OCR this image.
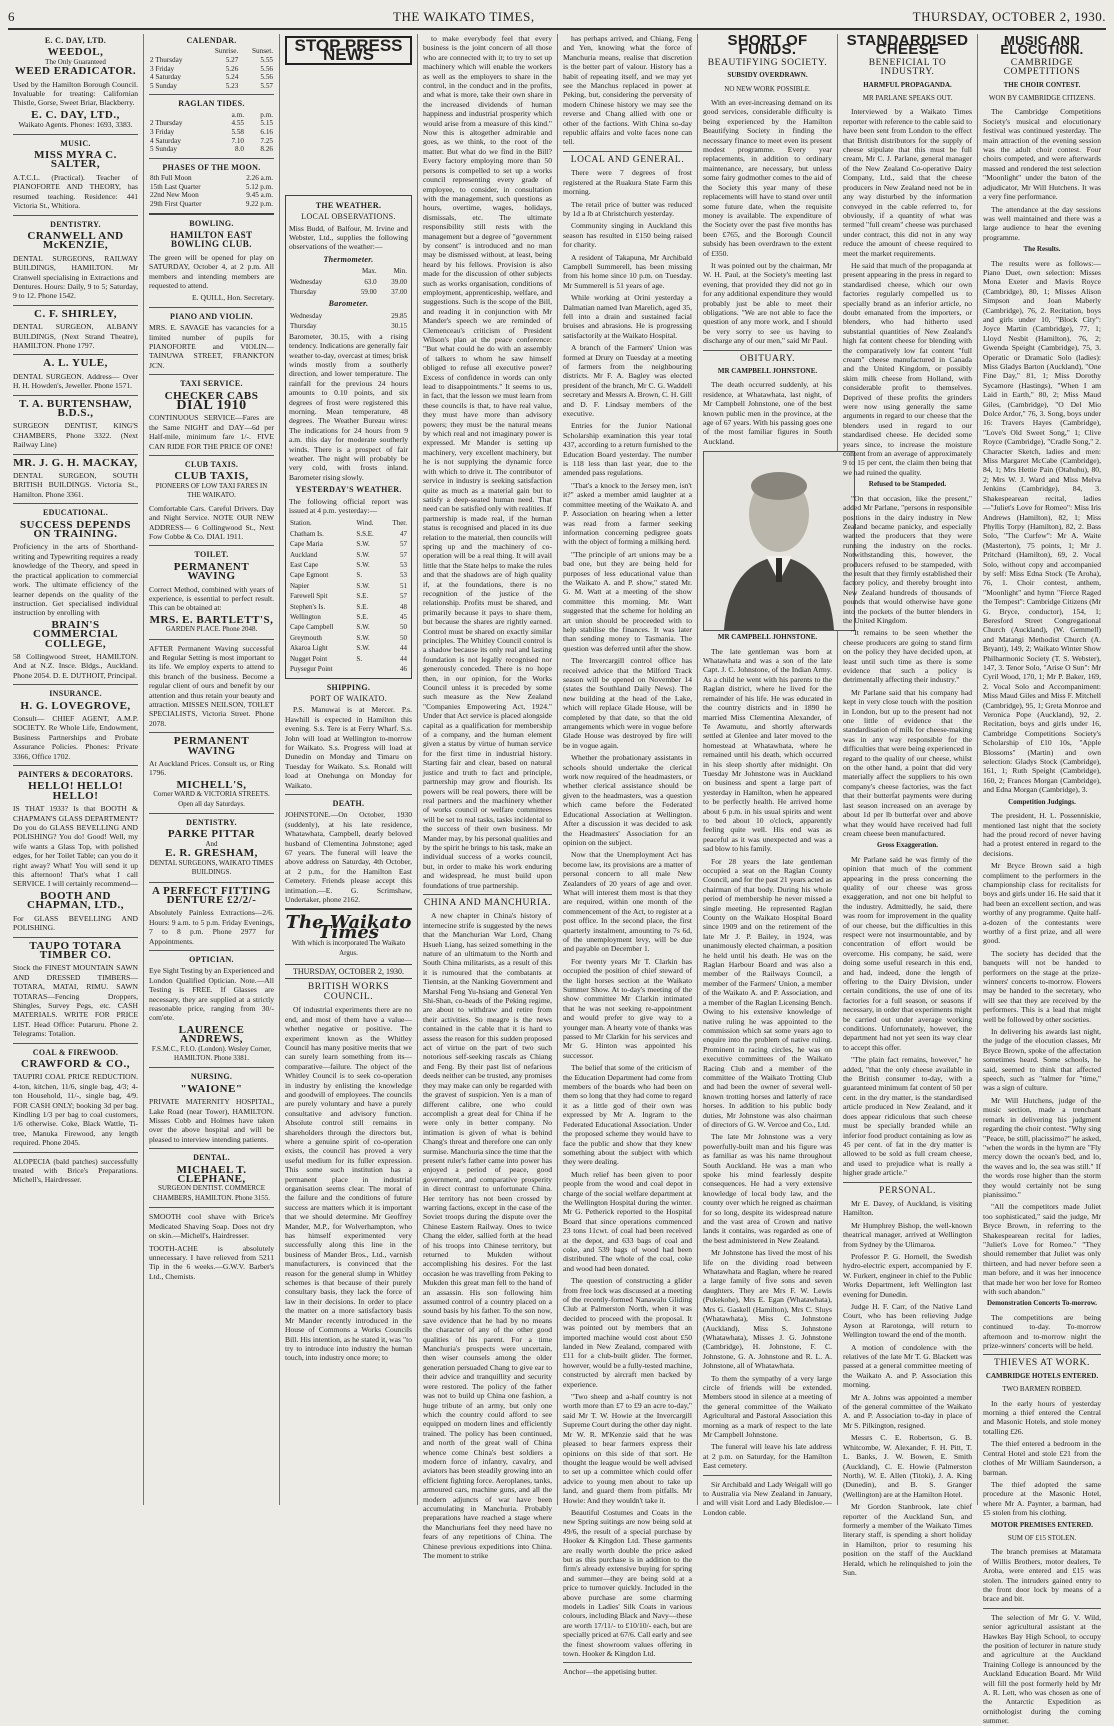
6	THE WAIKATO TIMES,	THURSDAY, OCTOBER 2, 1930.
E. C. DAY, LTD.
WEEDOL,
The Only Guaranteed
WEED ERADICATOR.

Used by the Hamilton Borough Council. Invaluable for treating: Californian Thistle, Gorse, Sweet Briar, Blackberry.

E. C. DAY, LTD.,

Waikato Agents. Phones: 1693, 3383.

MUSIC.
MISS MYRA C. SALTER,

A.T.C.L. (Practical). Teacher of PIANOFORTE AND THEORY, has resumed teaching. Residence: 441 Victoria St., Whitiora.

DENTISTRY.
CRANWELL AND McKENZIE,

DENTAL SURGEONS, RAILWAY BUILDINGS, HAMILTON. Mr Cranwell specialising in Extractions and Dentures. Hours: Daily, 9 to 5; Saturday, 9 to 12. Phone 1542.

C. F. SHIRLEY,

DENTAL SURGEON, ALBANY BUILDINGS, (Next Strand Theatre), HAMILTON. Phone 1797.

A. L. YULE,

DENTAL SURGEON. Address— Over H. H. Howden's, Jeweller. Phone 1571.

T. A. BURTENSHAW, B.D.S.,

SURGEON DENTIST, KING'S CHAMBERS, Phone 3322. (Next Railway Line)

MR. J. G. H. MACKAY,

DENTAL SURGEON, SOUTH BRITISH BUILDINGS. Victoria St., Hamilton. Phone 3361.

EDUCATIONAL.
SUCCESS DEPENDS ON TRAINING.

Proficiency in the arts of Shorthand-writing and Typewriting requires a ready knowledge of the Theory, and speed in the practical application to commercial work. The ultimate efficiency of the learner depends on the quality of the instruction. Get specialised individual instruction by enrolling with

BRAIN'S COMMERCIAL COLLEGE,

58 Collingwood Street, HAMILTON. And at N.Z. Insce. Bldgs., Auckland. Phone 2054. D. E. DUTHOIT, Principal.

INSURANCE.
H. G. LOVEGROVE,

Consult— CHIEF AGENT, A.M.P. SOCIETY. Re Whole Life, Endowment, Business Partnerships and Probate Assurance Policies. Phones: Private 3366, Office 1702.

PAINTERS & DECORATORS.
HELLO! HELLO! HELLO!

IS THAT 1933? Is that BOOTH & CHAPMAN'S GLASS DEPARTMENT? Do you do GLASS BEVELLING AND POLISHING? You do! Good! Well, my wife wants a Glass Top, with polished edges, for her Toilet Table; can you do it right away? What! You will send it up this afternoon! That's what I call SERVICE. I will certainly recommend—

BOOTH AND CHAPMAN, LTD.,

For GLASS BEVELLING AND POLISHING.

TAUPO TOTARA TIMBER CO.

Stock the FINEST MOUNTAIN SAWN AND DRESSED TIMBERS— TOTARA, MATAI, RIMU. SAWN TOTARAS—Fencing Droppers, Shingles, Survey Pegs, etc. CASH MATERIALS. WRITE FOR PRICE LIST. Head Office: Putaruru. Phone 2. Telegrams: Totalion.

COAL & FIREWOOD.
CRAWFORD & CO.,

TAUPIRI COAL PRICE REDUCTION. 4-ton, kitchen, 11/6, single bag, 4/3; 4-ton Household, 11/-, single bag, 4/9. FOR CASH ONLY; booking 3d per bag. Kindling 1/3 per bag to coal customers, 1/6 otherwise. Coke, Black Wattle, Ti-tree, Manuka Firewood, any length required. Phone 2045.

ALOPECIA (bald patches) successfully treated with Brice's Preparations. Michell's, Hairdresser.

CALENDAR.
	Sunrise.	Sunset.
2 Thursday	5.27	5.55
3 Friday	5.26	5.56
4 Saturday	5.24	5.56
5 Sunday	5.23	5.57
RAGLAN TIDES.
	a.m.	p.m.
2 Thursday	4.55	5.15
3 Friday	5.58	6.16
4 Saturday	7.10	7.25
5 Sunday	8.0	8.26
PHASES OF THE MOON.
8th Full Moon	2.26 a.m.
15th Last Quarter	5.12 p.m.
22nd New Moon	9.45 a.m.
29th First Quarter	9.22 p.m.
BOWLING.
HAMILTON EAST BOWLING CLUB.

The green will be opened for play on SATURDAY, October 4, at 2 p.m. All members and intending members are requested to attend.

E. QUILL, Hon. Secretary.

PIANO AND VIOLIN.

MRS. E. SAVAGE has vacancies for a limited number of pupils for PIANOFORTE and VIOLIN—TAINUWA STREET, FRANKTON JCN.

TAXI SERVICE.
CHECKER CABS
DIAL 1910

CONTINUOUS SERVICE—Fares are the Same NIGHT and DAY—6d per Half-mile, minimum fare 1/-. FIVE CAN RIDE FOR THE PRICE OF ONE!

CLUB TAXIS.
CLUB TAXIS,
PIONEERS OF LOW TAXI FARES IN THE WAIKATO.

Comfortable Cars. Careful Drivers. Day and Night Service. NOTE OUR NEW ADDRESS— 6 Collingwood St., Next Fow Cobbe & Co. DIAL 1911.

TOILET.
PERMANENT WAVING

Correct Method, combined with years of experience, is essential to perfect result. This can be obtained at:

MRS. E. BARTLETT'S,
GARDEN PLACE. Phone 2048.

AFTER Permanent Waving successful and Regular Setting is most important to its life. We employ experts to attend to this branch of the business. Become a regular client of ours and benefit by our attention and thus retain your beauty and attraction. MISSES NEILSON, TOILET SPECIALISTS, Victoria Street. Phone 2078.

PERMANENT WAVING

At Auckland Prices. Consult us, or Ring 1796.

MICHELL'S,
Corner WARD & VICTORIA STREETS. Open all day Saturdays.
DENTISTRY.
PARKE PITTAR
And
E. R. GRESHAM,
DENTAL SURGEONS, WAIKATO TIMES BUILDINGS.
A PERFECT FITTING DENTURE £2/2/-

Absolutely Painless Extractions—2/6. Hours: 9 a.m. to 5 p.m. Friday Evenings, 7 to 8 p.m. Phone 2977 for Appointments.

OPTICIAN.

Eye Sight Testing by an Experienced and London Qualified Optician. Note.—All Testing is FREE. If Glasses are necessary, they are supplied at a strictly reasonable price, ranging from 30/- com'ete.

LAURENCE ANDREWS,
F.S.M.C., F.I.O. (London). Wesley Corner, HAMILTON. Phone 3381.
NURSING.
"WAIONE"

PRIVATE MATERNITY HOSPITAL, Lake Road (near Tower), HAMILTON. Misses Cobb and Holmes have taken over the above hospital and will be pleased to interview intending patients.

DENTAL.
MICHAEL T. CLEPHANE,
SURGEON DENTIST. COMMERCE CHAMBERS, HAMILTON. Phone 3155.

SMOOTH cool shave with Brice's Medicated Shaving Soap. Does not dry on skin.—Michell's, Hairdresser.

TOOTH-ACHE is absolutely unnecessary. I have relieved from 5211 Tip in the 6 weeks.—G.W.V. Barber's Ltd., Chemists.

STOP PRESS NEWS
THE WEATHER.
LOCAL OBSERVATIONS.

Miss Budd, of Balfour, M. Irvine and Webster, Ltd., supplies the following observations of the weather:—

Thermometer.
	Max.	Min.
Wednesday	63.0	39.00
Thursday	59.00	37.00
Barometer.
Wednesday	29.85
Thursday	30.15

Barometer, 30.15, with a rising tendency. Indications are generally fair weather to-day, overcast at times; brisk winds mostly from a southerly direction, and lower temperature. The rainfall for the previous 24 hours amounts to 0.10 points, and six degrees of frost were registered this morning. Mean temperature, 48 degrees. The Weather Bureau wires: The indications for 24 hours from 9 a.m. this day for moderate southerly winds. There is a prospect of fair weather. The night will probably be very cold, with frosts inland. Barometer rising slowly.

YESTERDAY'S WEATHER.

The following official report was issued at 4 p.m. yesterday:—

Station.	Wind.	Ther.
Chatham Is.	S.S.E.	47
Cape Maria	S.W.	57
Auckland	S.W.	57
East Cape	S.W.	53
Cape Egmont	S.	53
Napier	S.W.	51
Farewell Spit	S.E.	57
Stephen's Is.	S.E.	48
Wellington	S.E.	45
Cape Campbell	S.W.	50
Greymouth	S.W.	50
Akaroa Light	S.W.	44
Nugget Point	S.	44
Puysegur Point		46
SHIPPING.
PORT OF WAIKATO.

P.S. Manuwai is at Mercer. P.s. Hawhill is expected in Hamilton this evening. S.s. Tere is at Ferry Wharf. S.s. John will load at Wellington to-morrow for Waikato. S.s. Progress will load at Dunedin on Monday and Timaru on Tuesday for Waikato. S.s. Ronald will load at Onehunga on Monday for Waikato.

DEATH.

JOHNSTONE.—On October, 1930 (suddenly), at his late residence, Whatawhata, Campbell, dearly beloved husband of Clementina Johnstone; aged 67 years. The funeral will leave the above address on Saturday, 4th October, at 2 p.m., for the Hamilton East Cemetery. Friends please accept this intimation.—E. G. Scrimshaw, Undertaker, phone 2162.

The Waikato Times
With which is incorporated The Waikato Argus.
THURSDAY, OCTOBER 2, 1930.
BRITISH WORKS COUNCIL.

Of industrial experiments there are no end, and most of them have a value—whether negative or positive. The experiment known as the Whitley Council has many positive merits that we can surely learn something from its—comparative—failure. The object of the Whitley Council is to seek co-operation in industry by enlisting the knowledge and goodwill of employees. The councils are purely voluntary and have a purely consultative and advisory function. Absolute control still remains in shareholders through the directors but, where a genuine spirit of co-operation exists, the council has proved a very useful medium for its fuller expression. This some such institution has a permanent place in industrial organisation seems clear. The moral of the failure and the conditions of future success are matters which it is important that we should determine. Mr Geoffrey Mander, M.P., for Wolverhampton, who has himself experimented very successfully along this line in the business of Mander Bros., Ltd., varnish manufacturers, is convinced that the reason for the general slump in Whitley schemes is that because of their purely consultary basis, they lack the force of law in their decisions. In order to place the matter on a more satisfactory basis Mr Mander recently introduced in the House of Commons a Works Councils Bill. His intention, as he stated it, was "to try to introduce into industry the human touch, into industry once more; to

to make everybody feel that every business is the joint concern of all those who are connected with it; to try to set up machinery which will enable the workers as well as the employers to share in the control, in the conduct and in the profits, and what is more, take their own share in the increased dividends of human happiness and industrial prosperity which would arise from a measure of this kind." Now this is altogether admirable and goes, as we think, to the root of the matter. But what do we find in the Bill? Every factory employing more than 50 persons is compelled to set up a works council representing every grade of employee, to consider, in consultation with the management, such questions as hours, overtime, wages, holidays, dismissals, etc. The ultimate responsibility still rests with the management but a degree of "government by consent" is introduced and no man may be dismissed without, at least, being heard by his fellows. Provision is also made for the discussion of other subjects such as works organisation, conditions of employment, apprenticeship, welfare, and suggestions. Such is the scope of the Bill, and reading it in conjunction with Mr Mander's speech we are reminded of Clemenceau's criticism of President Wilson's plan at the peace conference: "But what could he do with an assembly of talkers to whom he saw himself obliged to refuse all executive power? Excess of confidence in words can only lead to disappointments." It seems to us, in fact, that the lesson we must learn from these councils is that, to have real value, they must have more than advisory powers; they must be the natural means by which real and not imaginary power is expressed. Mr Mander is setting up machinery, very excellent machinery, but he is not supplying the dynamic force with which to drive it. The contributor of service in industry is seeking satisfaction quite as much as a material gain but to satisfy a deep-seated human need. That need can be satisfied only with realities. If partnership is made real, if the human status is recognised and placed in its due relation to the material, then councils will spring up and the machinery of co-operation will be a real thing. It will avail little that the State helps to make the rules and that the shadows are of high quality if, at the foundations, there is no recognition of the justice of the relationship. Profits must be shared, and primarily because it pays to share them, but because the shares are rightly earned. Control must be shared on exactly similar principles. The Whitley Council control is a shadow because its only real and lasting foundation is not legally recognised nor generously conceded. There is no hope then, in our opinion, for the Works Council unless it is preceded by some such measure as the New Zealand "Companies Empowering Act, 1924." Under that Act service is placed alongside capital as a qualification for membership of a company, and the human element given a status by virtue of human service for the first time in industrial history. Starting fair and clear, based on natural justice and truth to fact and principle, partnership may grow and flourish. Its powers will be real powers, there will be real partners and the machinery whether of works council or welfare committees will be set to real tasks, tasks incidental to the success of their own business. Mr Mander may, by his personal qualities and by the spirit he brings to his task, make an individual success of a works council, but, in order to make his work enduring and widespread, he must build upon foundations of true partnership.

CHINA AND MANCHURIA.

A new chapter in China's history of internecine strife is suggested by the news that the Manchurian War Lord, Chang Hsueh Liang, has seized something in the nature of an ultimatum to the North and South China militarists, as a result of this it is rumoured that the combatants at Tientsin, at the Nanking Government and Marshal Feng Yu-hsiang and General Yen Shi-Shan, co-heads of the Peking regime, are about to withdraw and retire from their activities. So meagre is the news contained in the cable that it is hard to assess the reason for this sudden proposed act of virtue on the part of two such notorious self-seeking rascals as Chiang and Feng. By their past list of nefarious deeds neither can be trusted, any promises they may make can only be regarded with the gravest of suspicion. Yen is a man of different calibre, one who could accomplish a great deal for China if he were only in better company. No intimation is given of what is behind Chang's threat and therefore one can only surmise. Manchuria since the time that the present ruler's father came into power has enjoyed a period of peace, good government, and comparative prosperity in direct contrast to unfortunate China. Her territory has not been crossed by warring factions, except in the case of the Soviet troops during the dispute over the Chinese Eastern Railway. Ones to twice Chang the elder, sallied forth at the head of his troops into Chinese territory, but returned to Mukden without accomplishing his desires. For the last occasion he was travelling from Peking to Mukden this great man fell to the hand of an assassin. His son following him assumed control of a country placed on a sound basis by his father. To the son now, save evidence that he had by no means the character of any of the other good qualities of his parent. For a time Manchuria's prospects were uncertain, then wiser counsels among the older generation persuaded Chang to give ear to their advice and tranquillity and security were restored. The policy of the father was not to build up China one fashion, a huge tribute of an army, but only one which the country could afford to see equipped on modern lines and efficiently trained. The policy has been continued, and north of the great wall of China whence come China's best soldiers a modern force of infantry, cavalry, and aviators has been steadily growing into an efficient fighting force. Aeroplanes, tanks, armoured cars, machine guns, and all the modern adjuncts of war have been accumulating in Manchuria. Probably preparations have reached a stage where the Manchurians feel they need have no fears of any repetitions of China. The Chinese previous expeditions into China. The moment to strike

has perhaps arrived, and Chiang, Feng and Yen, knowing what the force of Manchuria means, realise that discretion is the better part of valour. History has a habit of repeating itself, and we may yet see the Manchus replaced in power at Peking, but, considering the perversity of modern Chinese history we may see the reverse and Chang allied with one or other of the factions. With China so-day republic affairs and volte faces none can tell.

LOCAL AND GENERAL.

There were 7 degrees of frost registered at the Ruakura State Farm this morning.

The retail price of butter was reduced by 1d a lb at Christchurch yesterday.

Community singing in Auckland this season has resulted in £150 being raised for charity.

A resident of Takapuna, Mr Archibald Campbell Summerell, has been missing from his home since 10 p.m. on Tuesday. Mr Summerell is 51 years of age.

While working at Orini yesterday a Dalmatian named Ivan Marelich, aged 35, fell into a drain and sustained facial bruises and abrasions. He is progressing satisfactorily at the Waikato Hospital.

A branch of the Farmers' Union was formed at Drury on Tuesday at a meeting of farmers from the neighbouring districts. Mr F. A. Bagley was elected president of the branch, Mr C. G. Waddell secretary and Messrs A. Brown, C. H. Gill and D. F. Lindsay members of the executive.

Entries for the Junior National Scholarship examination this year total 437, according to a return furnished to the Education Board yesterday. The number is 118 less than last year, due to the amended pass regulations.

"That's a knock to the Jersey men, isn't it?" asked a member amid laughter at a committee meeting of the Waikato A. and P. Association on hearing when a letter was read from a farmer seeking information concerning pedigree goats with the object of forming a milking herd.

"The principle of art unions may be a bad one, but they are being held for purposes of less educational value than the Waikato A. and P. show," stated Mr. G. M. Watt at a meeting of the show committee this morning. Mr. Watt suggested that the scheme for holding an art union should be proceeded with to help stabilise the finances. It was later than sending money to Tasmania. The question was deferred until after the show.

The Invercargill control office has received advice that the Milford Track season will be opened on November 14 (states the Southland Daily News). The new building at the head of the Lake, which will replace Glade House, will be completed by that date, so that the old arrangements which were in vogue before Glade House was destroyed by fire will be in vogue again.

Whether the probationary assistants in schools should undertake the clerical work now required of the headmasters, or whether clerical assistance should be given to the headmasters, was a question which came before the Federated Educational Association at Wellington. After a discussion it was decided to ask the Headmasters' Association for an opinion on the subject.

Now that the Unemployment Act has become law, its provisions are a matter of personal concern to all male New Zealanders of 20 years of age and over. What will interest them most is that they are required, within one month of the commencement of the Act, to register at a post office. In the second place, the first quarterly instalment, amounting to 7s 6d, of the unemployment levy, will be due and payable on December 1.

For twenty years Mr T. Clarkin has occupied the position of chief steward of the light horses section at the Waikato Summer Show. At to-day's meeting of the show committee Mr Clarkin intimated that he was not seeking re-appointment and would prefer to give way to a younger man. A hearty vote of thanks was passed to Mr Clarkin for his services and Mr G. Hinton was appointed his successor.

The belief that some of the criticism of the Education Department had come from members of the boards who had been on them so long that they had come to regard it as a little god of their own was expressed by Mr A. Ingram to the Federated Educational Association. Under the proposed scheme they would have to face the public and show that they knew something about the subject with which they were dealing.

Much relief has been given to poor people from the wood and coal depot in charge of the social welfare department at the Wellington Hospital during the winter. Mr G. Petherick reported to the Hospital Board that since operations commenced 23 tons 11cwt. of coal had been received at the depot, and 633 bags of coal and coke, and 539 bags of wood had been distributed. The whole of the coal, coke and wood had been donated.

The question of constructing a glider from free lock was discussed at a meeting of the recently-formed Nanawalu Gliding Club at Palmerston North, when it was decided to proceed with the proposal. It was pointed out by members that an imported machine would cost about £50 landed in New Zealand, compared with £11 for a club-built glider. The former, however, would be a fully-tested machine, constructed by aircraft men backed by experience.

"Two sheep and a-half country is not worth more than £7 to £9 an acre to-day," said Mr T. W. Howie at the Invercargill Supreme Court during the other day night. Mr W. R. M'Kenzie said that he was pleased to hear farmers express their opinions on this side of that sort. He thought the league would be well advised to set up a committee which could offer advice to young men about to take up land, and guard them from pitfalls. Mr Howie: And they wouldn't take it.

Beautiful Costumes and Coats in the new Spring suitings are now being sold at 49/6, the result of a special purchase by Hooker & Kingdon Ltd. These garments are really worth double the price asked but as this purchase is in addition to the firm's already extensive buying for spring and summer—they are being sold at a price to turnover quickly. Included in the above purchase are some charming models in Ladies' Silk Coats in various colours, including Black and Navy—these are worth 17/11/- to £10/10/- each, but are specially priced at 67/6. Call early and see the finest showroom values offering in town. Hooker & Kingdon Ltd.

Anchor—the appetising butter.

SHORT OF FUNDS.
BEAUTIFYING SOCIETY.
SUBSIDY OVERDRAWN.
NO NEW WORK POSSIBLE.

With an ever-increasing demand on its good services, considerable difficulty is being experienced by the Hamilton Beautifying Society in finding the necessary finance to meet even its present modest programme. Every year replacements, in addition to ordinary maintenance, are necessary, but unless some fairy godmother comes to the aid of the Society this year many of these replacements will have to stand over until some future date, when the requisite money is available. The expenditure of the Society over the past five months has been £765, and the Borough Council subsidy has been overdrawn to the extent of £350.

It was pointed out by the chairman, Mr W. H. Paul, at the Society's meeting last evening, that provided they did not go in for any additional expenditure they would probably just be able to meet their obligations. "We are not able to face the question of any more work, and I should be very sorry to see us having to discharge any of our men," said Mr Paul.

OBITUARY.
MR CAMPBELL JOHNSTONE.

The death occurred suddenly, at his residence, at Whatawhata, last night, of Mr Campbell Johnstone, one of the best known public men in the province, at the age of 67 years. With his passing goes one of the most familiar figures in South Auckland.

MR CAMPBELL JOHNSTONE.

The late gentleman was born at Whatawhata and was a son of the late Capt. J. C. Johnstone, of the Indian Army. As a child he went with his parents to the Raglan district, where he lived for the remainder of his life. He was educated in the country districts and in 1890 he married Miss Clementina Alexander, of Te Awamutu, and shortly afterwards settled at Glenlee and later moved to the homestead at Whatawhata, where he remained until his death, which occurred in his sleep shortly after midnight. On Tuesday Mr Johnstone was in Auckland on business and spent a large part of yesterday in Hamilton, when he appeared to be perfectly health. He arrived home about 6 p.m. in his usual spirits and went to bed about 10 o'clock, apparently feeling quite well. His end was as peaceful as it was unexpected and was a sad blow to his family.

For 28 years the late gentleman occupied a seat on the Raglan County Council, and for the past 21 years acted as chairman of that body. During his whole period of membership he never missed a single meeting. He represented Raglan County on the Waikato Hospital Board since 1909 and on the retirement of the late Mr J. P. Bailey, in 1924, was unanimously elected chairman, a position he held until his death. He was on the Raglan Harbour Board and was also a member of the Railways Council, a member of the Farmers' Union, a member of the Waikato A. and P. Association, and a member of the Raglan Licensing Bench. Owing to his extensive knowledge of native ruling he was appointed to the commission which sat some years ago to enquire into the problem of native ruling. Prominent in racing circles, he was on executive committees of the Waikato Racing Club and a member of the committee of the Waikato Trotting Club and had been the owner of several well-known trotting horses and latterly of race horses. In addition to his public body duties, Mr Johnstone was also chairman of directors of G. W. Vercoe and Co., Ltd.

The late Mr Johnstone was a very powerfully-built man and his figure was as familiar as was his name throughout South Auckland. He was a man who spoke his mind fearlessly despite consequences. He had a very extensive knowledge of local body law, and the county over which he reigned as chairman for so long, despite its widespread nature and the vast area of Crown and native lands it contains, was regarded as one of the best administered in New Zealand.

Mr Johnstone has lived the most of his life on the dividing road between Whatawhata and Raglan, where he reared a large family of five sons and seven daughters. They are Mrs F. W. Lewis (Pukekohe), Mrs E. Egan (Whatawhata), Mrs G. Gaskell (Hamilton), Mrs C. Sluys (Whatawhata), Miss C. Johnstone (Auckland), Miss S. Johnstone (Whatawhata), Misses J. G. Johnstone (Cambridge), H. Johnstone, F. C. Johnstone, G. A. Johnstone and R. L. A. Johnstone, all of Whatawhata.

To them the sympathy of a very large circle of friends will be extended. Members stood in silence at a meeting of the general committee of the Waikato Agricultural and Pastoral Association this morning as a mark of respect to the late Mr Campbell Johnstone.

The funeral will leave his late address at 2 p.m. on Saturday, for the Hamilton East cemetery.

Sir Archibald and Lady Weigall will go to Australia via New Zealand in January, and will visit Lord and Lady Bledisloe.—London cable.

STANDARDISED CHEESE
BENEFICIAL TO INDUSTRY.
HARMFUL PROPAGANDA.
MR PARLANE SPEAKS OUT.

Interviewed by a Waikato Times reporter with reference to the cable said to have been sent from London to the effect that British distributors for the supply of cheese stipulate that this must be full cream, Mr C. J. Parlane, general manager of the New Zealand Co-operative Dairy Company, Ltd., said that the cheese producers in New Zealand need not be in any way disturbed by the information conveyed in the cable referred to, for obviously, if a quantity of what was termed "full cream" cheese was purchased under contract, this did not in any way reduce the amount of cheese required to meet the market requirements.

He said that much of the propaganda at present appearing in the press in regard to standardised cheese, which our own factories regularly compelled us to specially brand as an inferior article, no doubt emanated from the importers, or blenders, who had hitherto used substantial quantities of New Zealand's high fat content cheese for blending with the comparatively low fat content "full cream" cheese manufactured in Canada and the United Kingdom, or possibly skim milk cheese from Holland, with considerable profit to themselves. Deprived of these profits the grinders were now using generally the same arguments in regard to our cheese that the blenders used in regard to our standardised cheese. He decided some years since, to increase the moisture content from an average of approximately 9 to 15 per cent, the claim then being that we had ruined the quality.

Refused to be Stampeded.

"On that occasion, like the present," added Mr Parlane, "persons in responsible positions in the dairy industry in New Zealand became panicky, and especially wanted the producers that they were running the industry on the rocks. Notwithstanding this, however, the producers refused to be stampeded, with the result that they firmly established their factory policy, and thereby brought into New Zealand hundreds of thousands of pounds that would otherwise have gone into the pockets of the butter blenders in the United Kingdom.

"It remains to be seen whether the cheese producers are going to stand firm on the policy they have decided upon, at least until such time as there is some evidence that such a policy is detrimentally affecting their industry."

Mr Parlane said that his company had kept in very close touch with the position in London, but up to the present had not one little of evidence that the standardisation of milk for cheese-making was in any way responsible for the difficulties that were being experienced in regard to the quality of our cheese, whilst on the other hand, a point that did very materially affect the suppliers to his own company's cheese factories, was the fact that their butterfat payments were during last season increased on an average by about 1d per lb butterfat over and above what they would have received had full cream cheese been manufactured.

Gross Exaggeration.

Mr Parlane said he was firmly of the opinion that much of the comment appearing in the press concerning the quality of our cheese was gross exaggeration, and not one bit helpful to the industry. Admittedly, he said, there was room for improvement in the quality of our cheese, but the difficulties in this respect were not insurmountable, and by concentration of effort would be overcome. His company, he said, were doing some useful research in this end, and had, indeed, done the length of offering to the Dairy Division, under certain conditions, the use of one of its factories for a full season, or seasons if necessary, in order that experiments might be carried out under average working conditions. Unfortunately, however, the department had not yet seen its way clear to accept this offer.

"The plain fact remains, however," he added, "that the only cheese available in the British consumer to-day, with a guaranteed minimum fat content of 50 per cent. in the dry matter, is the standardised article produced in New Zealand, and it does appear ridiculous that such cheese must be specially branded while an inferior food product containing as low as 45 per cent. of fat in the dry matter is allowed to be sold as full cream cheese, and used to prejudice what is really a higher grade article."

PERSONAL.

Mr E. Davey, of Auckland, is visiting Hamilton.

Mr Humphrey Bishop, the well-known theatrical manager, arrived at Wellington from Sydney by the Ulimaroa.

Professor P. G. Hornell, the Swedish hydro-electric expert, accompanied by F. W. Furkert, engineer in chief to the Public Works Department, left Wellington last evening for Dunedin.

Judge H. F. Carr, of the Native Land Court, who has been relieving Judge Ayson at Rarotonga, will return to Wellington toward the end of the month.

A motion of condolence with the relatives of the late Mr T. G. Blackett was passed at a general committee meeting of the Waikato A. and P. Association this morning.

Mr A. Johns was appointed a member of the general committee of the Waikato A. and P. Association to-day in place of Mr S. Pilkington, resigned.

Messrs C. E. Robertson, G. B. Whitcombe, W. Alexander, F. H. Pitt, T. L. Banks, J. W. Bowen, E. Smith (Auckland), C. E. Howie (Palmerston North), W. E. Allen (Titoki), J. A. King (Dunedin), and B. S. Granger (Wellington) are at the Hamilton Hotel.

Mr Gordon Stanbrook, late chief reporter of the Auckland Sun, and formerly a member of the Waikato Times literary staff, is spending a short holiday in Hamilton, prior to resuming his position on the staff of the Auckland Herald, which he relinquished to join the Sun.

MUSIC AND ELOCUTION.
CAMBRIDGE COMPETITIONS
THE CHOIR CONTEST.
WON BY CAMBRIDGE CITIZENS.

The Cambridge Competitions Society's musical and elocutionary festival was continued yesterday. The main attraction of the evening session was the adult choir contest. Four choirs competed, and were afterwards massed and rendered the test selection "Moonlight" under the baton of the adjudicator, Mr Will Hutchens. It was a very fine performance.

The attendance at the day sessions was well maintained and there was a large audience to hear the evening programme.

The Results.

The results were as follows:— Piano Duet, own selection: Misses Mona Exeter and Mavis Royce (Cambridge), 80, 1; Misses Alison Simpson and Joan Maberly (Cambridge), 76, 2. Recitation, boys and girls under 10, "Block City": Joyce Martin (Cambridge), 77, 1; Lloyd Nesbit (Hamilton), 76, 2; Gwenda Speight (Cambridge), 75, 3. Operatic or Dramatic Solo (ladies): Miss Gladys Barton (Auckland), "One Fine Day," 81, 1; Miss Dorothy Sycamore (Hastings), "When I am Laid in Earth," 80, 2; Miss Maud Giles, (Cambridge), "O Del Mio Dolce Ardor," 76, 3. Song, boys under 16: Travers Hayes (Cambridge), "Love's Old Sweet Song," 1; Clive Royce (Cambridge), "Cradle Song," 2. Character Sketch, ladies and men: Miss Margaret McCabe (Cambridge), 84, 1; Mrs Hettie Pain (Otahuhu), 80, 2; Mrs W. J. Ward and Miss Melva Jenkins (Cambridge), 84, 3. Shakespearean recital, ladies—"Juliet's Love for Romeo": Miss Iris Andrews (Hamilton), 82, 1; Miss Phyllis Torpy (Hamilton), 82, 2. Bass Solo, "The Curfew": Mr A. Waite (Masterton), 75 points, 1; Mr J. Pritchard (Hamilton), 69, 2. Vocal Solo, without copy and accompanied by self: Miss Edna Stock (Te Aroha), 76, 1. Choir contest, anthem, "Moonlight" and hymn "Fierce Raged the Tempest": Cambridge Citizens (Mr G. Bryce, conductor), 154, 1; Beresford Street Congregational Church (Auckland), (W. Gemmell) and Matangi Methodist Church (A. Bryant), 149, 2; Waikato Winter Show Philharmonic Society (T. S. Webster), 147, 3. Tenor Solo, "Arise O Sun": Mr Cyril Wood, 170, 1; Mr P. Baker, 169, 2. Vocal Solo and Accompaniment: Miss Maud Giles and Miss F. Mitchell (Cambridge), 95, 1; Greta Monroe and Veronica Pope (Auckland), 92, 2. Recitation, boys and girls under 16, Cambridge Competitions Society's Scholarship of £10 10s, "Apple Blossoms" (Martin) and own selection: Gladys Stock (Cambridge), 161, 1; Ruth Speight (Cambridge), 160, 2; Frances Morgan (Cambridge), and Edna Morgan (Cambridge), 3.

Competition Judgings.

The president, H. L. Possenniskie, mentioned last night that the society had the proud record of never having had a protest entered in regard to the decisions.

Mr Bryce Brown said a high compliment to the performers in the championship class for recitalists for boys and girls under 16. He said that it had been an excellent section, and was worthy of any programme. Quite half-a-dozen of the contestants were worthy of a first prize, and all were good.

The society has decided that the banquets will not be handed to performers on the stage at the prize-winners' concerts to-morrow. Flowers may be handed to the secretary, who will see that they are received by the performers. This is a lead that might well be followed by other societies.

In delivering his awards last night, the judge of the elocution classes, Mr Bryce Brown, spoke of the affectation sometimes heard. Some schools, he said, seemed to think that affected speech, such as "talmer for "time," was a sign of culture.

Mr Will Hutchens, judge of the music section, made a trenchant remark in delivering his judgment regarding the choir contest. "Why sing "Peace, be still, placissimo?" he asked, "when the words in the hymn are "Fly mercy down the ocean's bed, and lo, the waves and lo, the sea was still." If the words rose higher than the storm they would certainly not be sung pianissimo."

"All the competitors made Juliet too sophisticated," said the judge, Mr Bryce Brown, in referring to the Shakespearean recital for ladies, "Juliet's Love for Romeo." "They should remember that Juliet was only thirteen, and had never before seen a man before, and it was her innocence that made her woo her love for Romeo with such abandon."

Demonstration Concerts To-morrow.

The competitions are being continued to-day. To-morrow afternoon and to-morrow night the prize-winners' concerts will be held.

THIEVES AT WORK.
CAMBRIDGE HOTELS ENTERED.
TWO BARMEN ROBBED.

In the early hours of yesterday morning a thief entered the Central and Masonic Hotels, and stole money totalling £26.

The thief entered a bedroom in the Central Hotel and stole £21 from the clothes of Mr William Saunderson, a barman.

The thief adopted the same procedure at the Masonic Hotel, where Mr A. Paynter, a barman, had £5 stolen from his clothing.

MOTOR PREMISES ENTERED.
SUM OF £15 STOLEN.

The branch premises at Matamata of Willis Brothers, motor dealers, Te Aroha, were entered and £15 was stolen. The intruders gained entry to the front door lock by means of a brace and bit.

The selection of Mr G. V. Wild, senior agricultural assistant at the Hawkes Bay High School, to occupy the position of lecturer in nature study and agriculture at the Auckland Training College is announced by the Auckland Education Board. Mr Wild will fill the post formerly held by Mr A. R. Lett, who was chosen as one of the Antarctic Expedition as ornithologist during the coming summer.
